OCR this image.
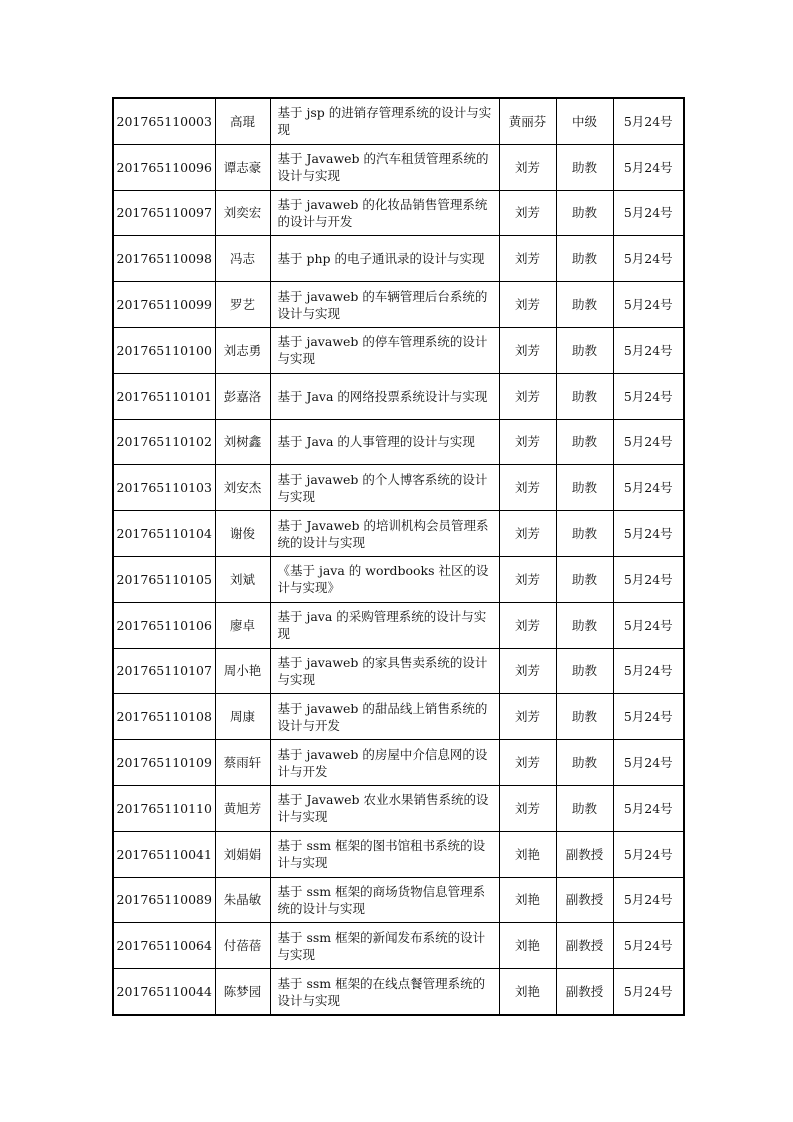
201765110003	高琨	基于 jsp 的进销存管理系统的设计与实现	黄丽芬	中级	5月24号
201765110096	谭志豪	基于 Javaweb 的汽车租赁管理系统的设计与实现	刘芳	助教	5月24号
201765110097	刘奕宏	基于 javaweb 的化妆品销售管理系统的设计与开发	刘芳	助教	5月24号
201765110098	冯志	基于 php 的电子通讯录的设计与实现	刘芳	助教	5月24号
201765110099	罗艺	基于 javaweb 的车辆管理后台系统的设计与实现	刘芳	助教	5月24号
201765110100	刘志勇	基于 javaweb 的停车管理系统的设计与实现	刘芳	助教	5月24号
201765110101	彭嘉洛	基于 Java 的网络投票系统设计与实现	刘芳	助教	5月24号
201765110102	刘树鑫	基于 Java 的人事管理的设计与实现	刘芳	助教	5月24号
201765110103	刘安杰	基于 javaweb 的个人博客系统的设计与实现	刘芳	助教	5月24号
201765110104	谢俊	基于 Javaweb 的培训机构会员管理系统的设计与实现	刘芳	助教	5月24号
201765110105	刘斌	《基于 java 的 wordbooks 社区的设计与实现》	刘芳	助教	5月24号
201765110106	廖卓	基于 java 的采购管理系统的设计与实现	刘芳	助教	5月24号
201765110107	周小艳	基于 javaweb 的家具售卖系统的设计与实现	刘芳	助教	5月24号
201765110108	周康	基于 javaweb 的甜品线上销售系统的设计与开发	刘芳	助教	5月24号
201765110109	蔡雨轩	基于 javaweb 的房屋中介信息网的设计与开发	刘芳	助教	5月24号
201765110110	黄旭芳	基于 Javaweb 农业水果销售系统的设计与实现	刘芳	助教	5月24号
201765110041	刘娟娟	基于 ssm 框架的图书馆租书系统的设计与实现	刘艳	副教授	5月24号
201765110089	朱晶敏	基于 ssm 框架的商场货物信息管理系统的设计与实现	刘艳	副教授	5月24号
201765110064	付蓓蓓	基于 ssm 框架的新闻发布系统的设计与实现	刘艳	副教授	5月24号
201765110044	陈梦园	基于 ssm 框架的在线点餐管理系统的设计与实现	刘艳	副教授	5月24号
